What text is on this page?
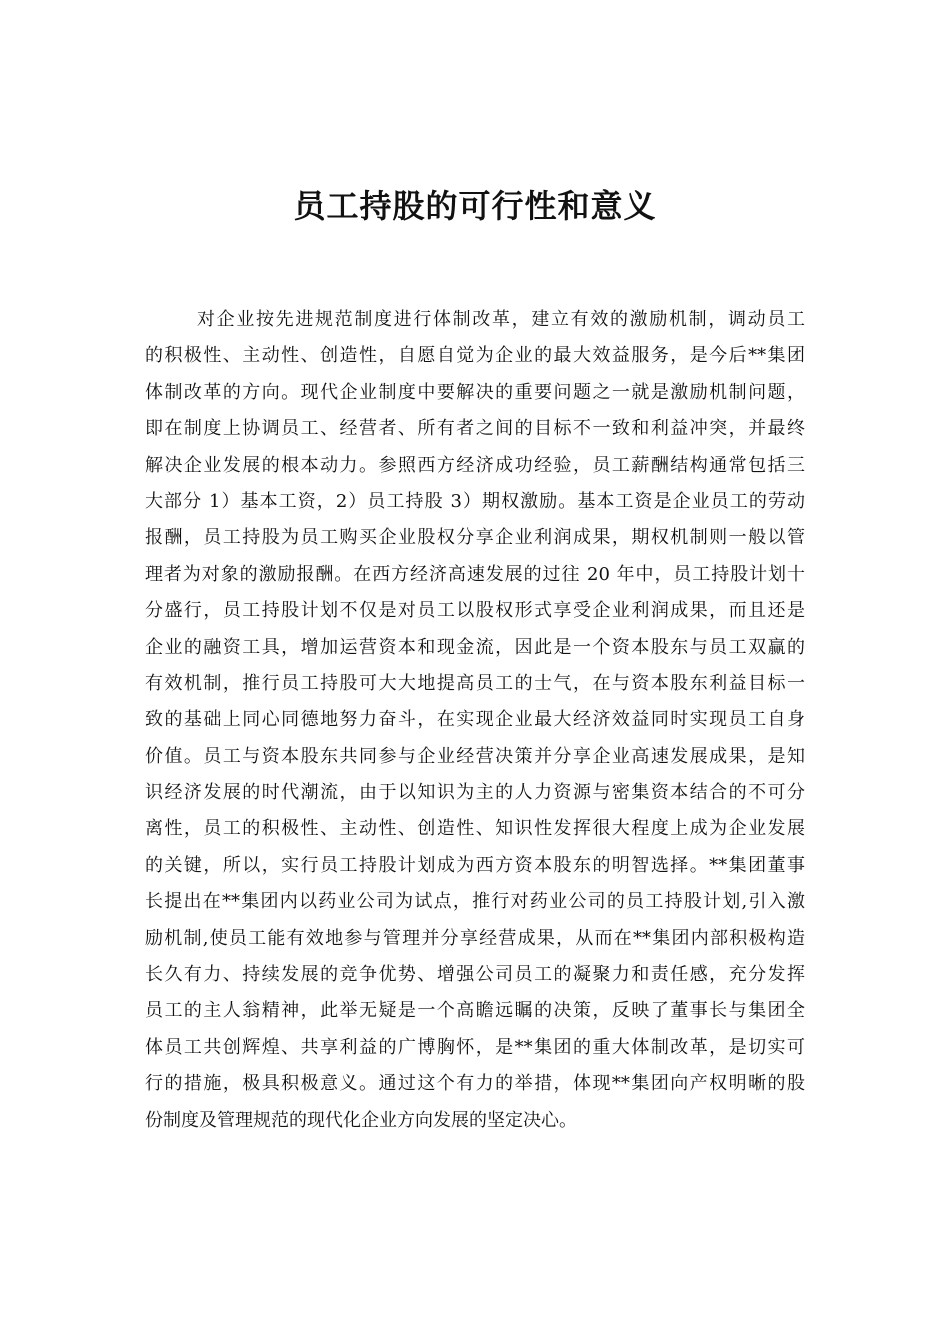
员工持股的可行性和意义
对企业按先进规范制度进行体制改革，建立有效的激励机制，调动员工
的积极性、主动性、创造性，自愿自觉为企业的最大效益服务，是今后**集团
体制改革的方向。现代企业制度中要解决的重要问题之一就是激励机制问题，
即在制度上协调员工、经营者、所有者之间的目标不一致和利益冲突，并最终
解决企业发展的根本动力。参照西方经济成功经验，员工薪酬结构通常包括三
大部分 1）基本工资，2）员工持股 3）期权激励。基本工资是企业员工的劳动
报酬，员工持股为员工购买企业股权分享企业利润成果，期权机制则一般以管
理者为对象的激励报酬。在西方经济高速发展的过往 20 年中，员工持股计划十
分盛行，员工持股计划不仅是对员工以股权形式享受企业利润成果，而且还是
企业的融资工具，增加运营资本和现金流，因此是一个资本股东与员工双赢的
有效机制，推行员工持股可大大地提高员工的士气，在与资本股东利益目标一
致的基础上同心同德地努力奋斗，在实现企业最大经济效益同时实现员工自身
价值。员工与资本股东共同参与企业经营决策并分享企业高速发展成果，是知
识经济发展的时代潮流，由于以知识为主的人力资源与密集资本结合的不可分
离性，员工的积极性、主动性、创造性、知识性发挥很大程度上成为企业发展
的关键，所以，实行员工持股计划成为西方资本股东的明智选择。**集团董事
长提出在**集团内以药业公司为试点，推行对药业公司的员工持股计划,引入激
励机制,使员工能有效地参与管理并分享经营成果，从而在**集团内部积极构造
长久有力、持续发展的竞争优势、增强公司员工的凝聚力和责任感，充分发挥
员工的主人翁精神，此举无疑是一个高瞻远瞩的决策，反映了董事长与集团全
体员工共创辉煌、共享利益的广博胸怀，是**集团的重大体制改革，是切实可
行的措施，极具积极意义。通过这个有力的举措，体现**集团向产权明晰的股
份制度及管理规范的现代化企业方向发展的坚定决心。
